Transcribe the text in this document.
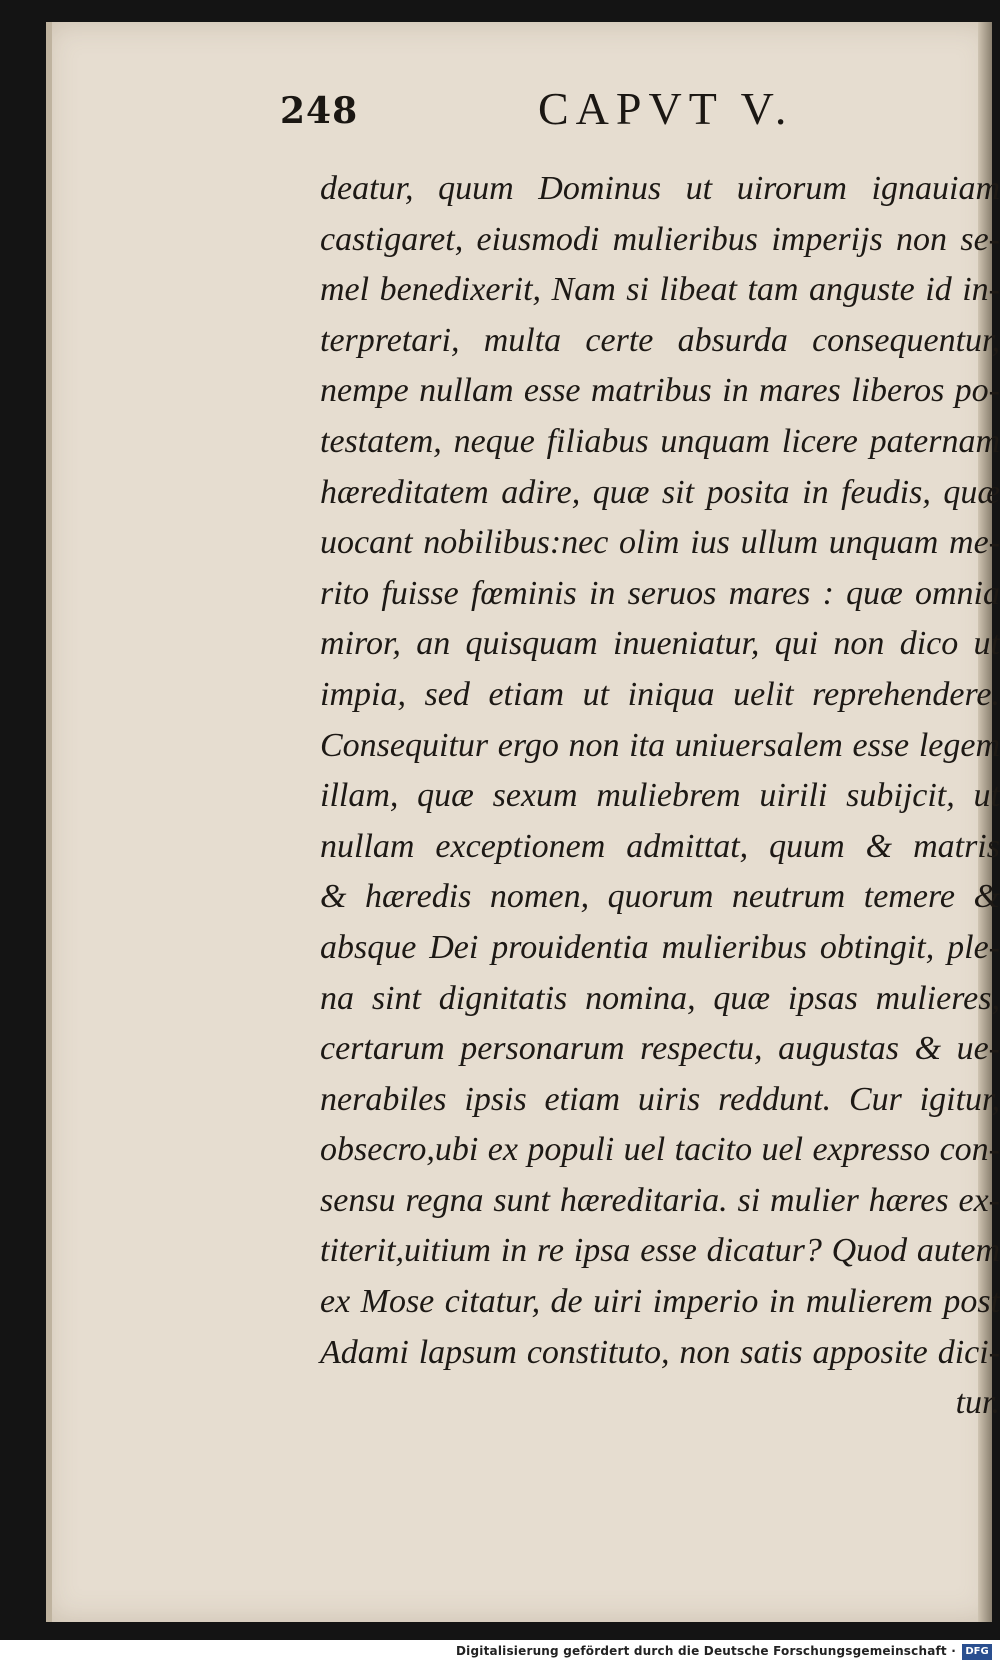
248	CAPVT V.
deatur, quum Dominus ut uirorum ignauiam
castigaret, eiusmodi mulieribus imperijs non se-
mel benedixerit, Nam si libeat tam anguste id in-
terpretari, multa certe absurda consequentur,
nempe nullam esse matribus in mares liberos po-
testatem, neque filiabus unquam licere paternam
hæreditatem adire, quæ sit posita in feudis, quæ
uocant nobilibus:nec olim ius ullum unquam me-
rito fuisse fœminis in seruos mares : quæ omnia
miror, an quisquam inueniatur, qui non dico ut
impia, sed etiam ut iniqua uelit reprehendere.
Consequitur ergo non ita uniuersalem esse legem
illam, quæ sexum muliebrem uirili subijcit, ut
nullam exceptionem admittat, quum & matris
& hæredis nomen, quorum neutrum temere &
absque Dei prouidentia mulieribus obtingit, ple-
na sint dignitatis nomina, quæ ipsas mulieres,
certarum personarum respectu, augustas & ue-
nerabiles ipsis etiam uiris reddunt. Cur igitur,
obsecro,ubi ex populi uel tacito uel expresso con-
sensu regna sunt hæreditaria. si mulier hæres ex-
titerit,uitium in re ipsa esse dicatur? Quod autem
ex Mose citatur, de uiri imperio in mulierem post
Adami lapsum constituto, non satis apposite dici-
tur.
Digitalisierung gefördert durch die Deutsche Forschungsgemeinschaft · DFG
